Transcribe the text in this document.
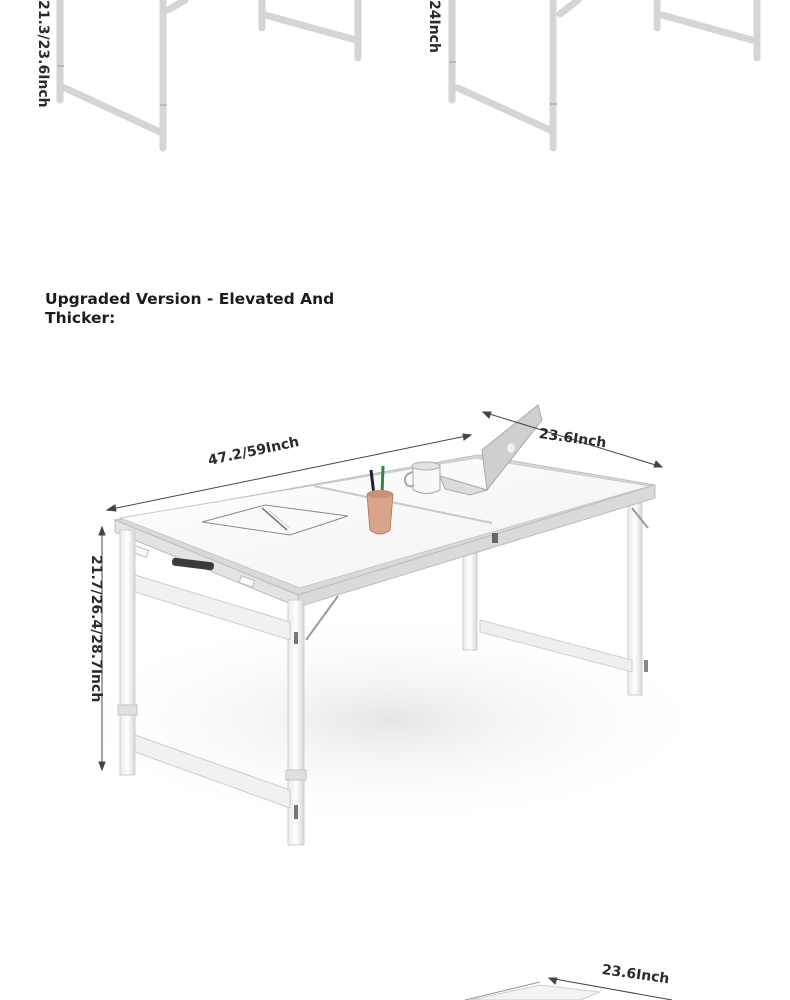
21.3/23.6Inch	24Inch
Upgraded Version - Elevated And Thicker:
47.2/59Inch	23.6Inch
21.7/26.4/28.7Inch
23.6Inch
